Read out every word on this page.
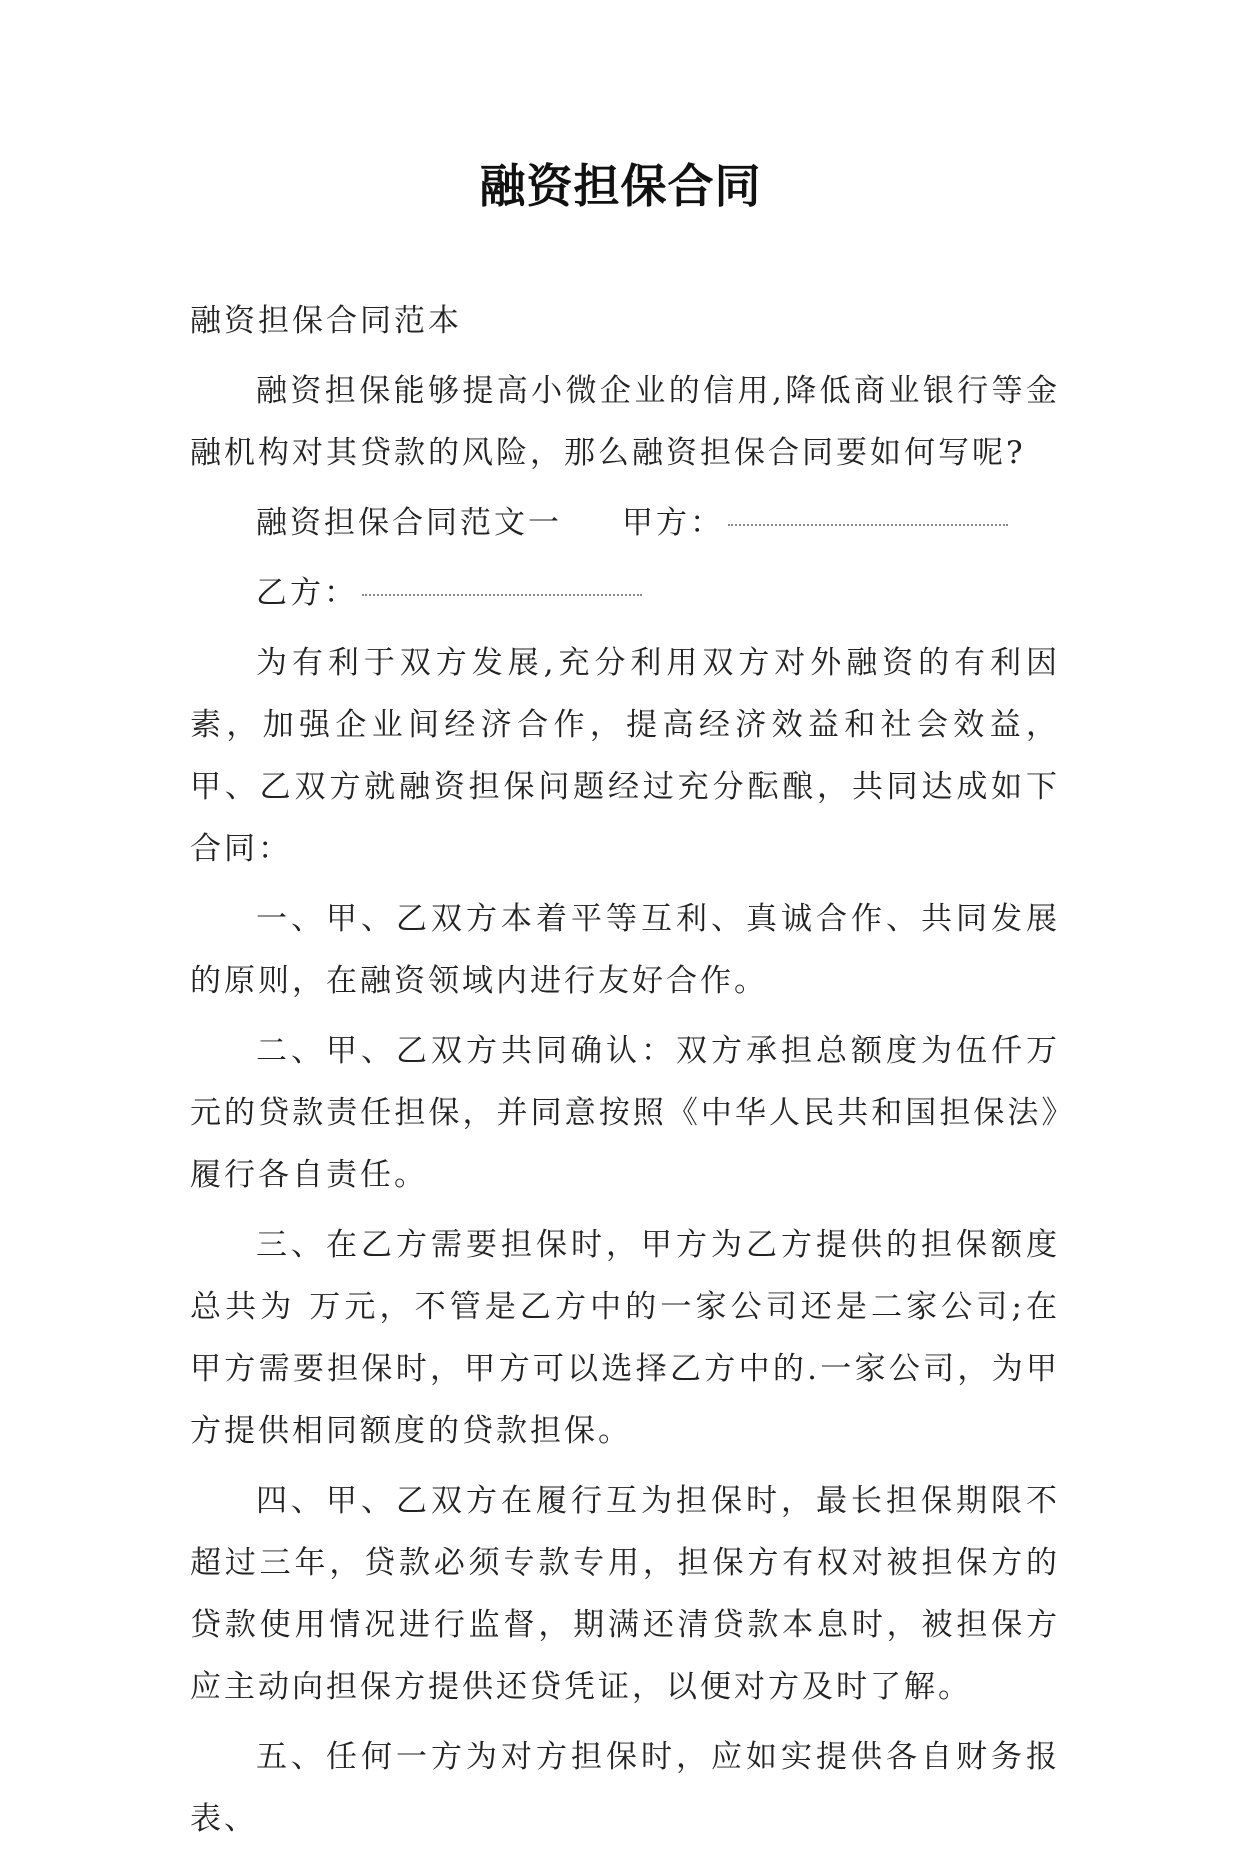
融资担保合同

融资担保合同范本

融资担保能够提高小微企业的信用,降低商业银行等金融机构对其贷款的风险，那么融资担保合同要如何写呢?

融资担保合同范文一 甲方：

乙方：

为有利于双方发展,充分利用双方对外融资的有利因素，加强企业间经济合作，提高经济效益和社会效益，甲、乙双方就融资担保问题经过充分酝酿，共同达成如下合同：

一、甲、乙双方本着平等互利、真诚合作、共同发展的原则，在融资领域内进行友好合作。

二、甲、乙双方共同确认：双方承担总额度为伍仟万元的贷款责任担保，并同意按照《中华人民共和国担保法》履行各自责任。

三、在乙方需要担保时，甲方为乙方提供的担保额度总共为 万元，不管是乙方中的一家公司还是二家公司;在甲方需要担保时，甲方可以选择乙方中的.一家公司，为甲方提供相同额度的贷款担保。

四、甲、乙双方在履行互为担保时，最长担保期限不超过三年，贷款必须专款专用，担保方有权对被担保方的贷款使用情况进行监督，期满还清贷款本息时，被担保方应主动向担保方提供还贷凭证，以便对方及时了解。

五、任何一方为对方担保时，应如实提供各自财务报表、
